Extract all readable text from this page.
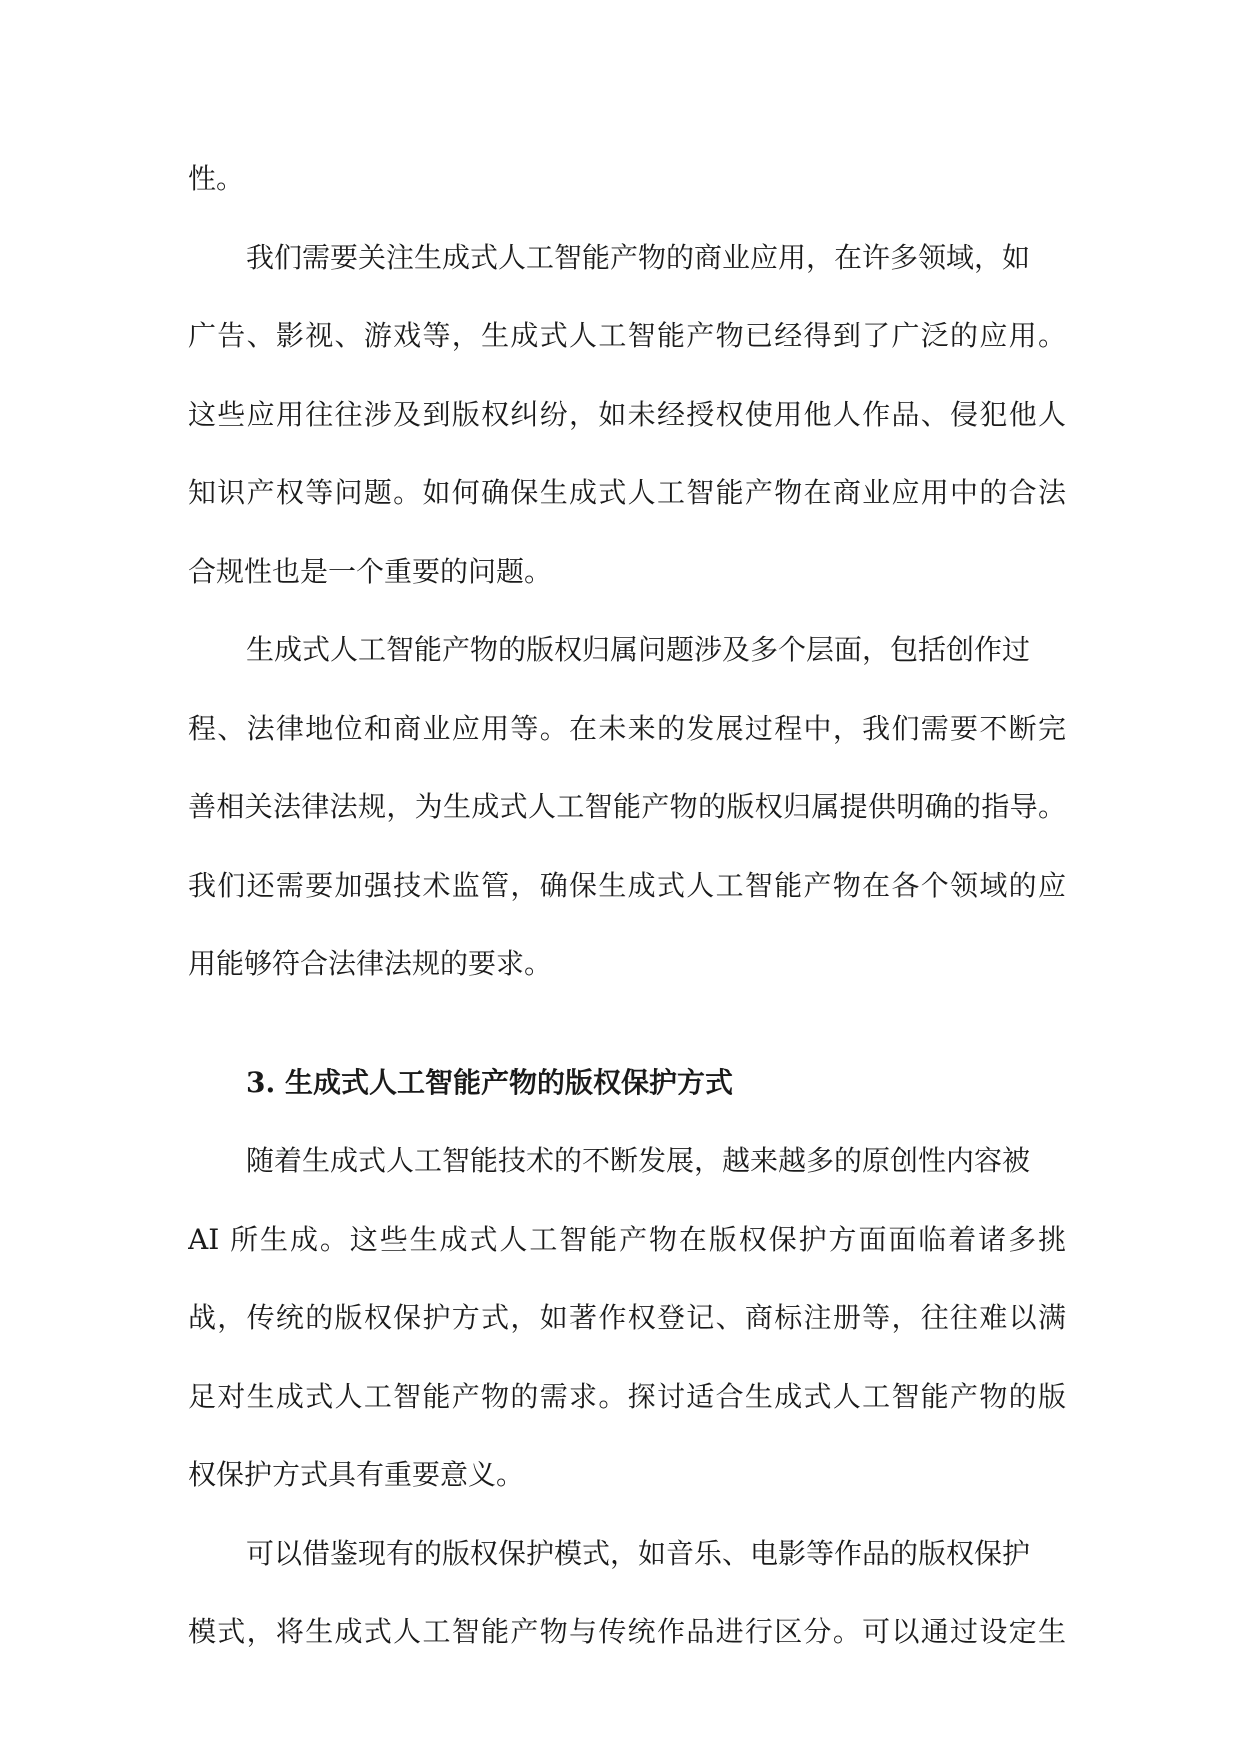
性。
我们需要关注生成式人工智能产物的商业应用，在许多领域，如
广告、影视、游戏等，生成式人工智能产物已经得到了广泛的应用。
这些应用往往涉及到版权纠纷，如未经授权使用他人作品、侵犯他人
知识产权等问题。如何确保生成式人工智能产物在商业应用中的合法
合规性也是一个重要的问题。
生成式人工智能产物的版权归属问题涉及多个层面，包括创作过
程、法律地位和商业应用等。在未来的发展过程中，我们需要不断完
善相关法律法规，为生成式人工智能产物的版权归属提供明确的指导。
我们还需要加强技术监管，确保生成式人工智能产物在各个领域的应
用能够符合法律法规的要求。
3. 生成式人工智能产物的版权保护方式
随着生成式人工智能技术的不断发展，越来越多的原创性内容被
AI 所生成。这些生成式人工智能产物在版权保护方面面临着诸多挑
战，传统的版权保护方式，如著作权登记、商标注册等，往往难以满
足对生成式人工智能产物的需求。探讨适合生成式人工智能产物的版
权保护方式具有重要意义。
可以借鉴现有的版权保护模式，如音乐、电影等作品的版权保护
模式，将生成式人工智能产物与传统作品进行区分。可以通过设定生
